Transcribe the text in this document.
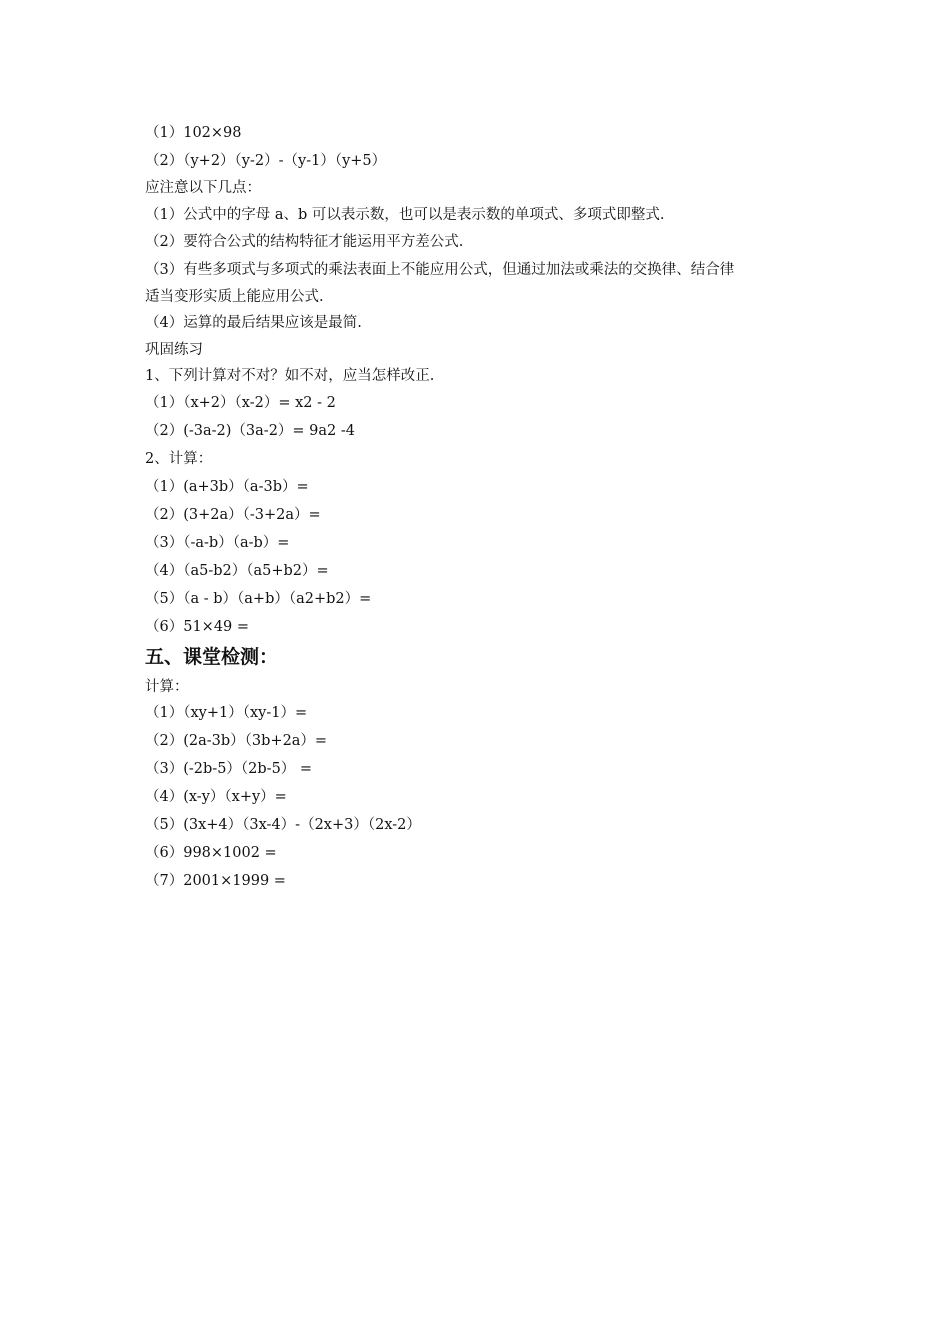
（1）102×98
（2）（y+2）（y-2）-（y-1）（y+5）
应注意以下几点：
（1）公式中的字母 a、b 可以表示数，也可以是表示数的单项式、多项式即整式.
（2）要符合公式的结构特征才能运用平方差公式.
（3）有些多项式与多项式的乘法表面上不能应用公式，但通过加法或乘法的交换律、结合律
适当变形实质上能应用公式.
（4）运算的最后结果应该是最简.
巩固练习
1、下列计算对不对？如不对，应当怎样改正.
（1）（x+2）（x-2）= x2 - 2
（2）(-3a-2)（3a-2）= 9a2 -4
2、计算：
（1）(a+3b）（a-3b）=
（2）(3+2a）（-3+2a）=
（3）（-a-b）（a-b）=
（4）（a5-b2）（a5+b2）=
（5）（a - b）（a+b）（a2+b2）=
（6）51×49 =
五、课堂检测：
计算：
（1）（xy+1）（xy-1）=
（2）(2a-3b）（3b+2a）=
（3）(-2b-5）（2b-5） =
（4）(x-y）（x+y）=
（5）(3x+4）（3x-4）-（2x+3）（2x-2）
（6）998×1002 =
（7）2001×1999 =
